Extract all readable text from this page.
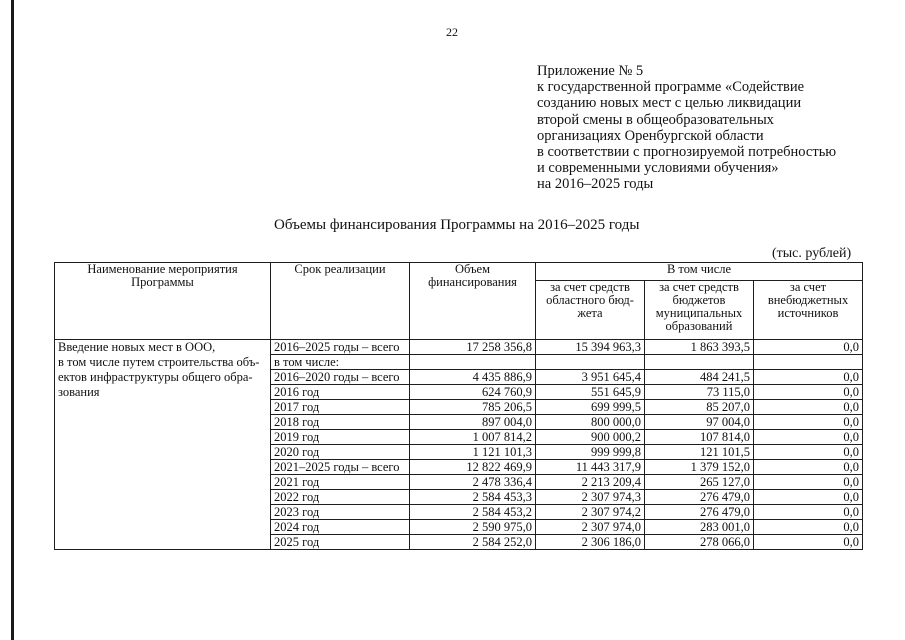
22
Приложение № 5
к государственной программе «Содействие
созданию новых мест с целью ликвидации
второй смены в общеобразовательных
организациях Оренбургской области
в соответствии с прогнозируемой потребностью
и современными условиями обучения»
на 2016–2025 годы
Объемы финансирования Программы на 2016–2025 годы
(тыс. рублей)
Наименование мероприятия Программы	Срок реализации	Объем финансирования	В том числе		
			за счет средств областного бюд-жета	за счет средств бюджетов муниципальных образований	за счет внебюджетных источников
Введение новых мест в ООО,	2016–2025 годы – всего	17 258 356,8	15 394 963,3	1 863 393,5	0,0
в том числе путем строительства объ-ектов инфраструктуры общего обра-зования	в том числе:				
	2016–2020 годы – всего	4 435 886,9	3 951 645,4	484 241,5	0,0
	2016 год	624 760,9	551 645,9	73 115,0	0,0
	2017 год	785 206,5	699 999,5	85 207,0	0,0
	2018 год	897 004,0	800 000,0	97 004,0	0,0
	2019 год	1 007 814,2	900 000,2	107 814,0	0,0
	2020 год	1 121 101,3	999 999,8	121 101,5	0,0
	2021–2025 годы – всего	12 822 469,9	11 443 317,9	1 379 152,0	0,0
	2021 год	2 478 336,4	2 213 209,4	265 127,0	0,0
	2022 год	2 584 453,3	2 307 974,3	276 479,0	0,0
	2023 год	2 584 453,2	2 307 974,2	276 479,0	0,0
	2024 год	2 590 975,0	2 307 974,0	283 001,0	0,0
	2025 год	2 584 252,0	2 306 186,0	278 066,0	0,0
